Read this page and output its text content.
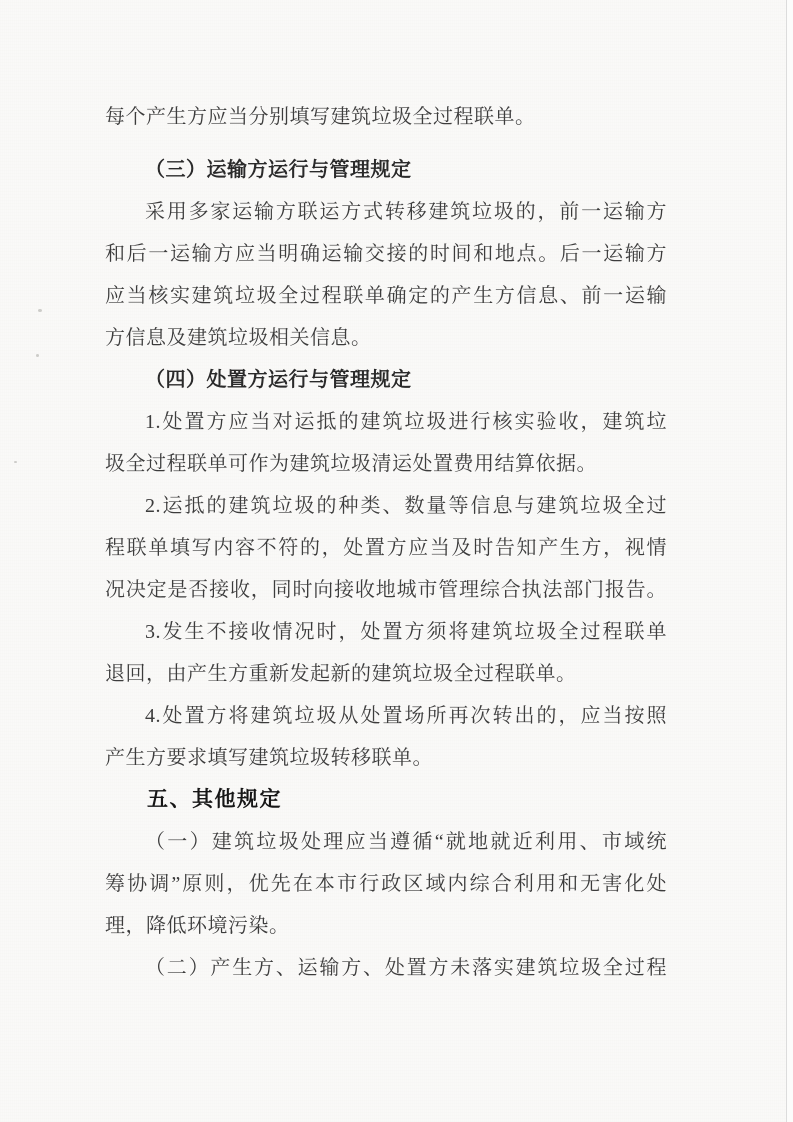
每个产生方应当分别填写建筑垃圾全过程联单。
（三）运输方运行与管理规定
采用多家运输方联运方式转移建筑垃圾的，前一运输方
和后一运输方应当明确运输交接的时间和地点。后一运输方
应当核实建筑垃圾全过程联单确定的产生方信息、前一运输
方信息及建筑垃圾相关信息。
（四）处置方运行与管理规定
1.处置方应当对运抵的建筑垃圾进行核实验收，建筑垃
圾全过程联单可作为建筑垃圾清运处置费用结算依据。
2.运抵的建筑垃圾的种类、数量等信息与建筑垃圾全过
程联单填写内容不符的，处置方应当及时告知产生方，视情
况决定是否接收，同时向接收地城市管理综合执法部门报告。
3.发生不接收情况时，处置方须将建筑垃圾全过程联单
退回，由产生方重新发起新的建筑垃圾全过程联单。
4.处置方将建筑垃圾从处置场所再次转出的，应当按照
产生方要求填写建筑垃圾转移联单。
五、其他规定
（一）建筑垃圾处理应当遵循“就地就近利用、市域统
筹协调”原则，优先在本市行政区域内综合利用和无害化处
理，降低环境污染。
（二）产生方、运输方、处置方未落实建筑垃圾全过程
